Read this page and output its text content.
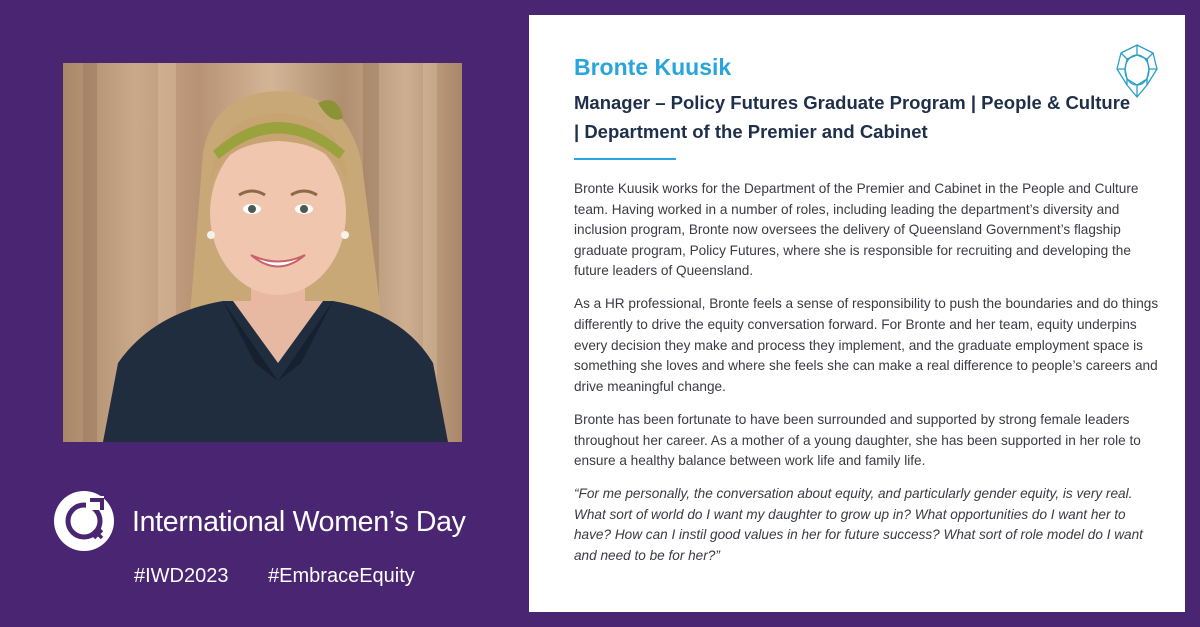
International Women’s Day
#IWD2023 #EmbraceEquity
Bronte Kuusik
Manager – Policy Futures Graduate Program | People & Culture | Department of the Premier and Cabinet

Bronte Kuusik works for the Department of the Premier and Cabinet in the People and Culture team. Having worked in a number of roles, including leading the department’s diversity and inclusion program, Bronte now oversees the delivery of Queensland Government’s flagship graduate program, Policy Futures, where she is responsible for recruiting and developing the future leaders of Queensland.

As a HR professional, Bronte feels a sense of responsibility to push the boundaries and do things differently to drive the equity conversation forward. For Bronte and her team, equity underpins every decision they make and process they implement, and the graduate employment space is something she loves and where she feels she can make a real difference to people’s careers and drive meaningful change.

Bronte has been fortunate to have been surrounded and supported by strong female leaders throughout her career. As a mother of a young daughter, she has been supported in her role to ensure a healthy balance between work life and family life.

“For me personally, the conversation about equity, and particularly gender equity, is very real. What sort of world do I want my daughter to grow up in? What opportunities do I want her to have? How can I instil good values in her for future success? What sort of role model do I want and need to be for her?”
